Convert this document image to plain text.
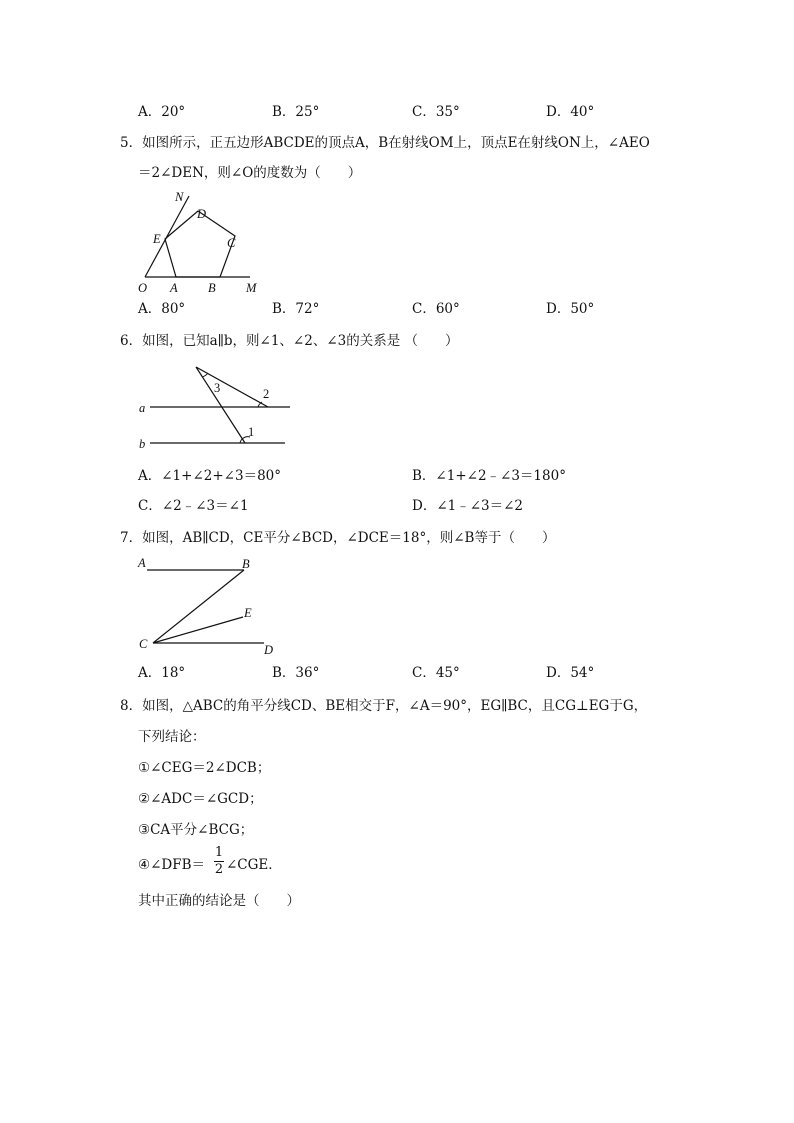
A．20°	B．25°	C．35°	D．40°
5．如图所示，正五边形ABCDE的顶点A，B在射线OM上，顶点E在射线ON上，∠AEO
＝2∠DEN，则∠O的度数为（　　）
N
D
E	C
O A B M
A．80°	B．72°	C．60°	D．50°
6．如图，已知a∥b，则∠1、∠2、∠3的关系是 （　　）
3	2
a
1
b
A．∠1+∠2+∠3＝80°	B．∠1+∠2﹣∠3＝180°
C．∠2﹣∠3＝∠1	D．∠1﹣∠3＝∠2
7．如图，AB∥CD，CE平分∠BCD，∠DCE＝18°，则∠B等于（　　）
A	B
E
C	D
A．18°	B．36°	C．45°	D．54°
8．如图，△ABC的角平分线CD、BE相交于F，∠A＝90°，EG∥BC，且CG⊥EG于G，
下列结论：
①∠CEG＝2∠DCB；
②∠ADC＝∠GCD；
③CA平分∠BCG；
④∠DFB＝
1
2 ∠CGE．
其中正确的结论是（　　）
